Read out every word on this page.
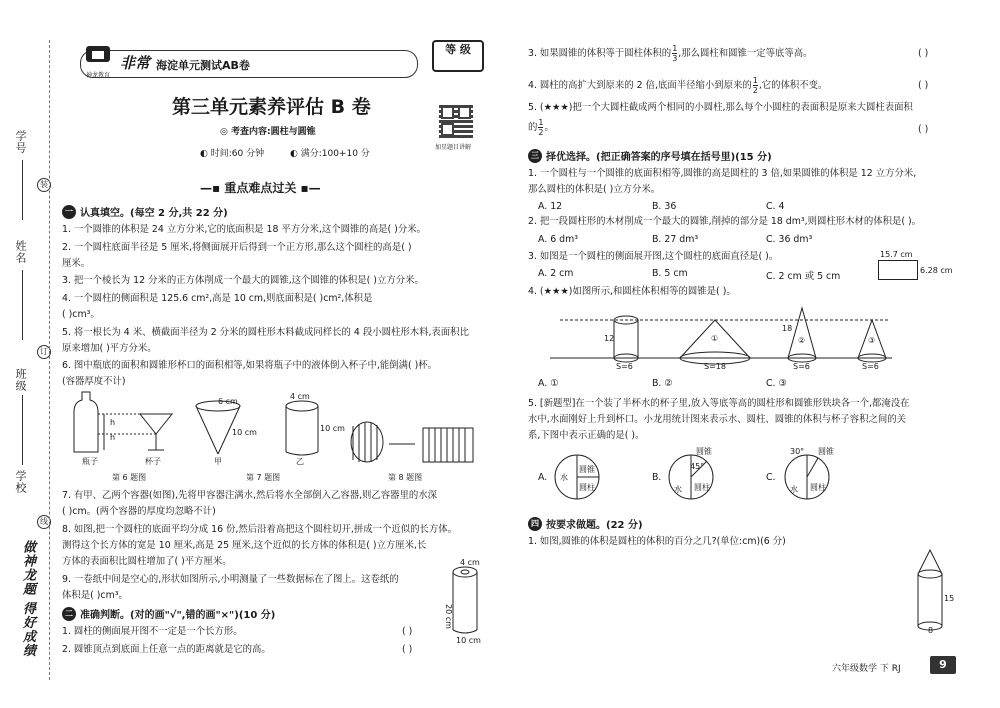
学号
姓名
班级
学校
装
订
线
做神龙题 得好成绩
神龙教育
非常 海淀单元测试AB卷
等 级
第三单元素养评估 B 卷
◎ 考查内容:圆柱与圆锥
◐ 时间:60 分钟	◐ 满分:100+10 分
加星题目讲解
—▪ 重点难点过关 ▪—
一 认真填空。(每空 2 分,共 22 分)
1. 一个圆锥的体积是 24 立方分米,它的底面积是 18 平方分米,这个圆锥的高是( )分米。
2. 一个圆柱底面半径是 5 厘米,将侧面展开后得到一个正方形,那么这个圆柱的高是( )
厘米。
3. 把一个棱长为 12 分米的正方体削成一个最大的圆锥,这个圆锥的体积是( )立方分米。
4. 一个圆柱的侧面积是 125.6 cm²,高是 10 cm,则底面积是( )cm²,体积是
( )cm³。
5. 将一根长为 4 米、横截面半径为 2 分米的圆柱形木料截成同样长的 4 段小圆柱形木料,表面积比
原来增加( )平方分米。
6. 图中瓶底的面积和圆锥形杯口的面积相等,如果将瓶子中的液体倒入杯子中,能倒满( )杯。
(容器厚度不计)
h
h
瓶子	杯子
第 6 题图
6 cm
10 cm
4 cm
10 cm
甲	乙
第 7 题图	第 8 题图
7. 有甲、乙两个容器(如图),先将甲容器注满水,然后将水全部倒入乙容器,则乙容器里的水深
( )cm。(两个容器的厚度均忽略不计)
8. 如图,把一个圆柱的底面平均分成 16 份,然后沿着高把这个圆柱切开,拼成一个近似的长方体。
测得这个长方体的宽是 10 厘米,高是 25 厘米,这个近似的长方体的体积是( )立方厘米,长
方体的表面积比圆柱增加了( )平方厘米。
9. 一卷纸中间是空心的,形状如图所示,小明测量了一些数据标在了图上。这卷纸的
体积是( )cm³。
4 cm
20 cm
10 cm
二 准确判断。(对的画"√",错的画"×")(10 分)
1. 圆柱的侧面展开图不一定是一个长方形。	( )
2. 圆锥顶点到底面上任意一点的距离就是它的高。	( )
3. 如果圆锥的体积等于圆柱体积的 $\frac{1}{3}$ ,那么圆柱和圆锥一定等底等高。	( )
4. 圆柱的高扩大到原来的 2 倍,底面半径缩小到原来的 $\frac{1}{2}$ ,它的体积不变。	( )
5. (★★★)把一个大圆柱截成两个相同的小圆柱,那么每个小圆柱的表面积是原来大圆柱表面积
的 $\frac{1}{2}$ 。	( )
三 择优选择。(把正确答案的序号填在括号里)(15 分)
1. 一个圆柱与一个圆锥的底面积相等,圆锥的高是圆柱的 3 倍,如果圆锥的体积是 12 立方分米,
那么圆柱的体积是( )立方分米。
A. 12	B. 36	C. 4
2. 把一段圆柱形的木材削成一个最大的圆锥,削掉的部分是 18 dm³,则圆柱形木材的体积是( )。
A. 6 dm³	B. 27 dm³	C. 36 dm³
3. 如图是一个圆柱的侧面展开图,这个圆柱的底面直径是( )。
A. 2 cm	B. 5 cm	C. 2 cm 或 5 cm
15.7 cm
6.28 cm
4. (★★★)如图所示,和圆柱体积相等的圆锥是( )。
12
S=6
①
S=18
18
②
S=6
③
S=6
A. ①	B. ②	C. ③
5. [新题型]在一个装了半杯水的杯子里,放入等底等高的圆柱形和圆锥形铁块各一个,都淹没在
水中,水面刚好上升到杯口。小龙用统计图来表示水、圆柱、圆锥的体积与杯子容积之间的关
系,下图中表示正确的是( )。
A. 水
圆锥
圆柱
B.
圆锥
45°
水 圆柱
C.
30° 圆锥
水 圆柱
四 按要求做题。(22 分)
1. 如图,圆锥的体积是圆柱的体积的百分之几?(单位:cm)(6 分)
15
8
六年级数学 下 RJ	9
